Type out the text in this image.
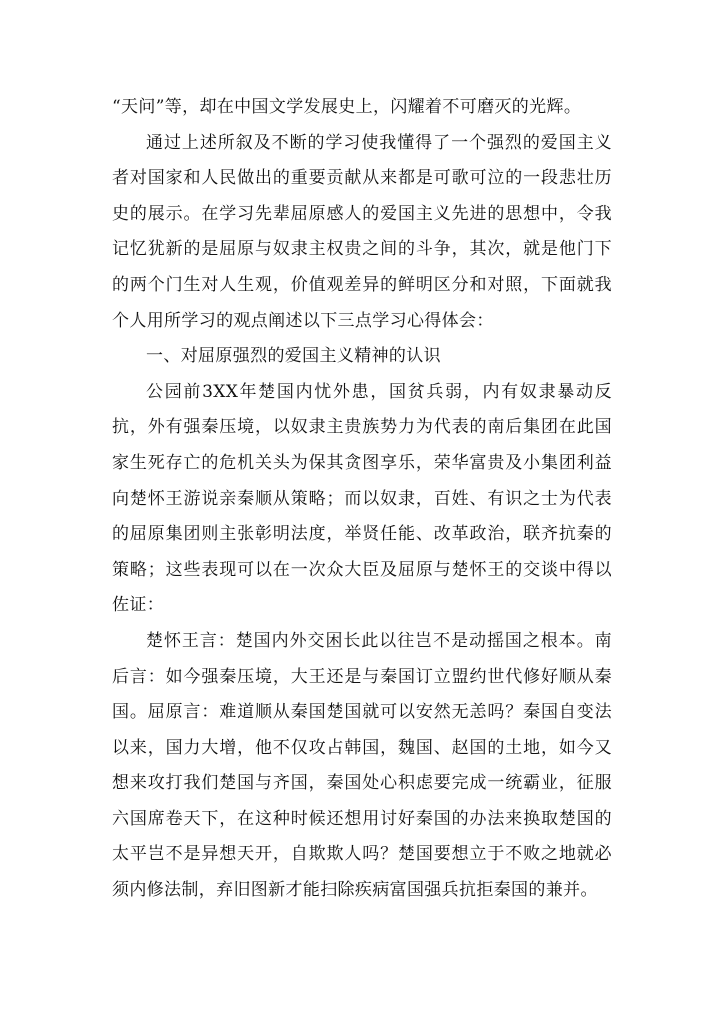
“天问”等，却在中国文学发展史上，闪耀着不可磨灭的光辉。

通过上述所叙及不断的学习使我懂得了一个强烈的爱国主义者对国家和人民做出的重要贡献从来都是可歌可泣的一段悲壮历史的展示。在学习先辈屈原感人的爱国主义先进的思想中，令我记忆犹新的是屈原与奴隶主权贵之间的斗争，其次，就是他门下的两个门生对人生观，价值观差异的鲜明区分和对照，下面就我个人用所学习的观点阐述以下三点学习心得体会：

一、对屈原强烈的爱国主义精神的认识

公园前3XX年楚国内忧外患，国贫兵弱，内有奴隶暴动反抗，外有强秦压境，以奴隶主贵族势力为代表的南后集团在此国家生死存亡的危机关头为保其贪图享乐，荣华富贵及小集团利益向楚怀王游说亲秦顺从策略；而以奴隶，百姓、有识之士为代表的屈原集团则主张彰明法度，举贤任能、改革政治，联齐抗秦的策略；这些表现可以在一次众大臣及屈原与楚怀王的交谈中得以佐证：

楚怀王言：楚国内外交困长此以往岂不是动摇国之根本。南后言：如今强秦压境，大王还是与秦国订立盟约世代修好顺从秦国。屈原言：难道顺从秦国楚国就可以安然无恙吗？秦国自变法以来，国力大增，他不仅攻占韩国，魏国、赵国的土地，如今又想来攻打我们楚国与齐国，秦国处心积虑要完成一统霸业，征服六国席卷天下，在这种时候还想用讨好秦国的办法来换取楚国的太平岂不是异想天开，自欺欺人吗？楚国要想立于不败之地就必须内修法制，弃旧图新才能扫除疾病富国强兵抗拒秦国的兼并。
